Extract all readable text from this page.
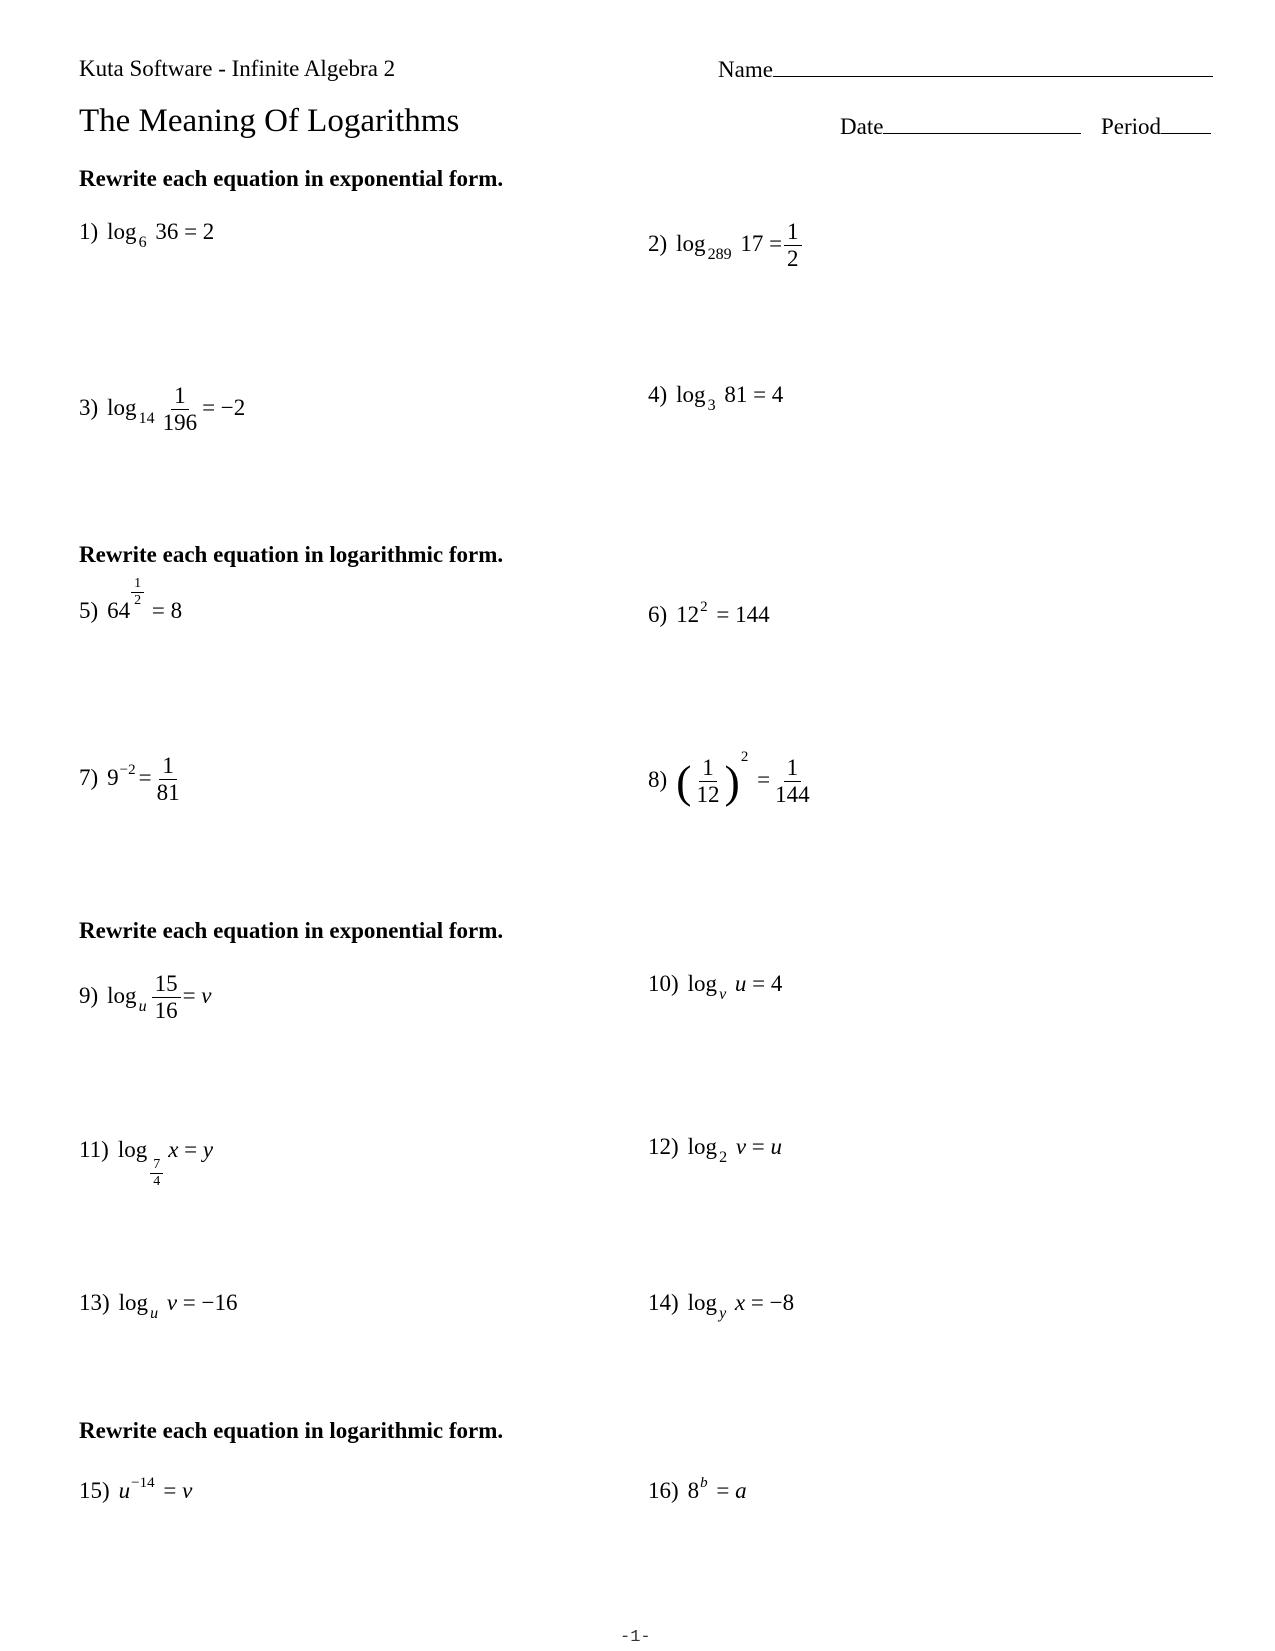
Kuta Software - Infinite Algebra 2	Name
The Meaning Of Logarithms	Date	Period
Rewrite each equation in exponential form.
1) log $_6$ 36 = 2	2) log $_{289}$ $17 = \frac{1}{2}$
3) $\log _{14} \frac{1}{196} = -2$
4) log $_3$ 81 = 4
Rewrite each equation in logarithmic form.
5) 64
$\frac{1}{2}$
= 8	6) $12^2 = 144$
7) $9^{-2} = \frac{1}{81}$	8) ( $\frac{1}{12} )^2 = \frac{1}{144}$
Rewrite each equation in exponential form.
9) $\log _u \frac{15}{16} = v$	10) log $_v$ u = 4
11) log
$\frac{7}{4}$
x = y	12) log $_2$ v = u
13) log $_u$ v = −16	14) log $_y$ x = −8
Rewrite each equation in logarithmic form.
15) $u^{-14} = v$	16) $8^b = a$
-1-
